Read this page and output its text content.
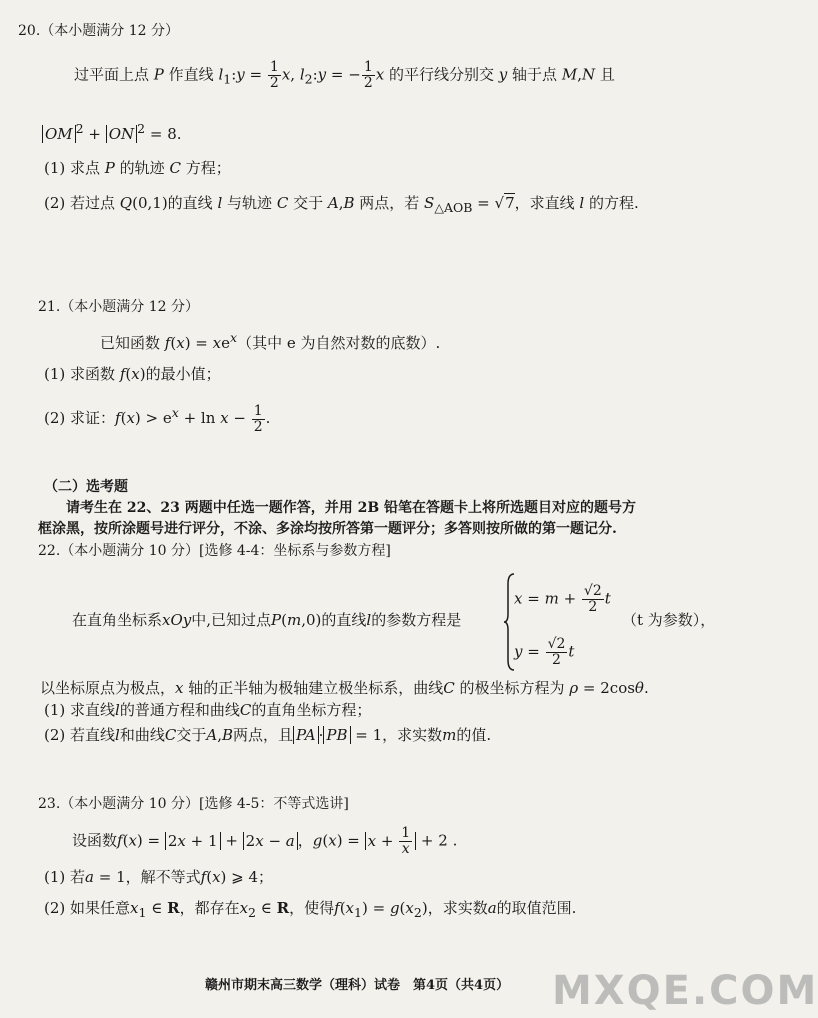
20.（本小题满分 12 分）
过平面上点 P 作直线 $l_1:y = \frac{1}{2} x$, $l_2:y$ = − $\frac{1}{2}$ x 的平行线分别交 y 轴于点 M,N 且
OM $^2$ + ON $^2$ = 8.
(1) 求点 P 的轨迹 C 方程；
(2) 若过点 Q(0,1)的直线 l 与轨迹 C 交于 A,B 两点，若 $S_{\triangle AOB} = √7$，求直线 l 的方程.
21.（本小题满分 12 分）
已知函数 $f(x) = xe^x$（其中 e 为自然对数的底数）.
(1) 求函数 f(x)的最小值；
(2) 求证：$f(x) > e^x + \ln x - \frac{1}{2}$ .
（二）选考题
请考生在 22、23 两题中任选一题作答，并用 2B 铅笔在答题卡上将所选题目对应的题号方
框涂黑，按所涂题号进行评分，不涂、多涂均按所答第一题评分；多答则按所做的第一题记分.
22.（本小题满分 10 分）[选修 4-4：坐标系与参数方程]
在直角坐标系xOy中,已知过点P(m,0)的直线l的参数方程是
$x = m + \frac{√2}{2}$ t
$y = \frac{√2}{2}$ t
（t 为参数），
以坐标原点为极点，x 轴的正半轴为极轴建立极坐标系，曲线C 的极坐标方程为 ρ = 2cosθ.
(1) 求直线l的普通方程和曲线C的直角坐标方程；
(2) 若直线l和曲线C交于A,B两点，且 PA · PB = 1，求实数m的值.
23.（本小题满分 10 分）[选修 4-5：不等式选讲]
设函数f(x) = 2x + 1 + 2x − a ，$g(x) = x + \frac{1}{x} + 2$ .
(1) 若a = 1，解不等式f(x) ⩾ 4；
(2) 如果任意$x_1$ ∈ R，都存在$x_2$ ∈ R，使得$f(x_1) = g(x_2)$，求实数a的取值范围.
赣州市期末高三数学（理科）试卷　第4页（共4页） MXQE.COM
